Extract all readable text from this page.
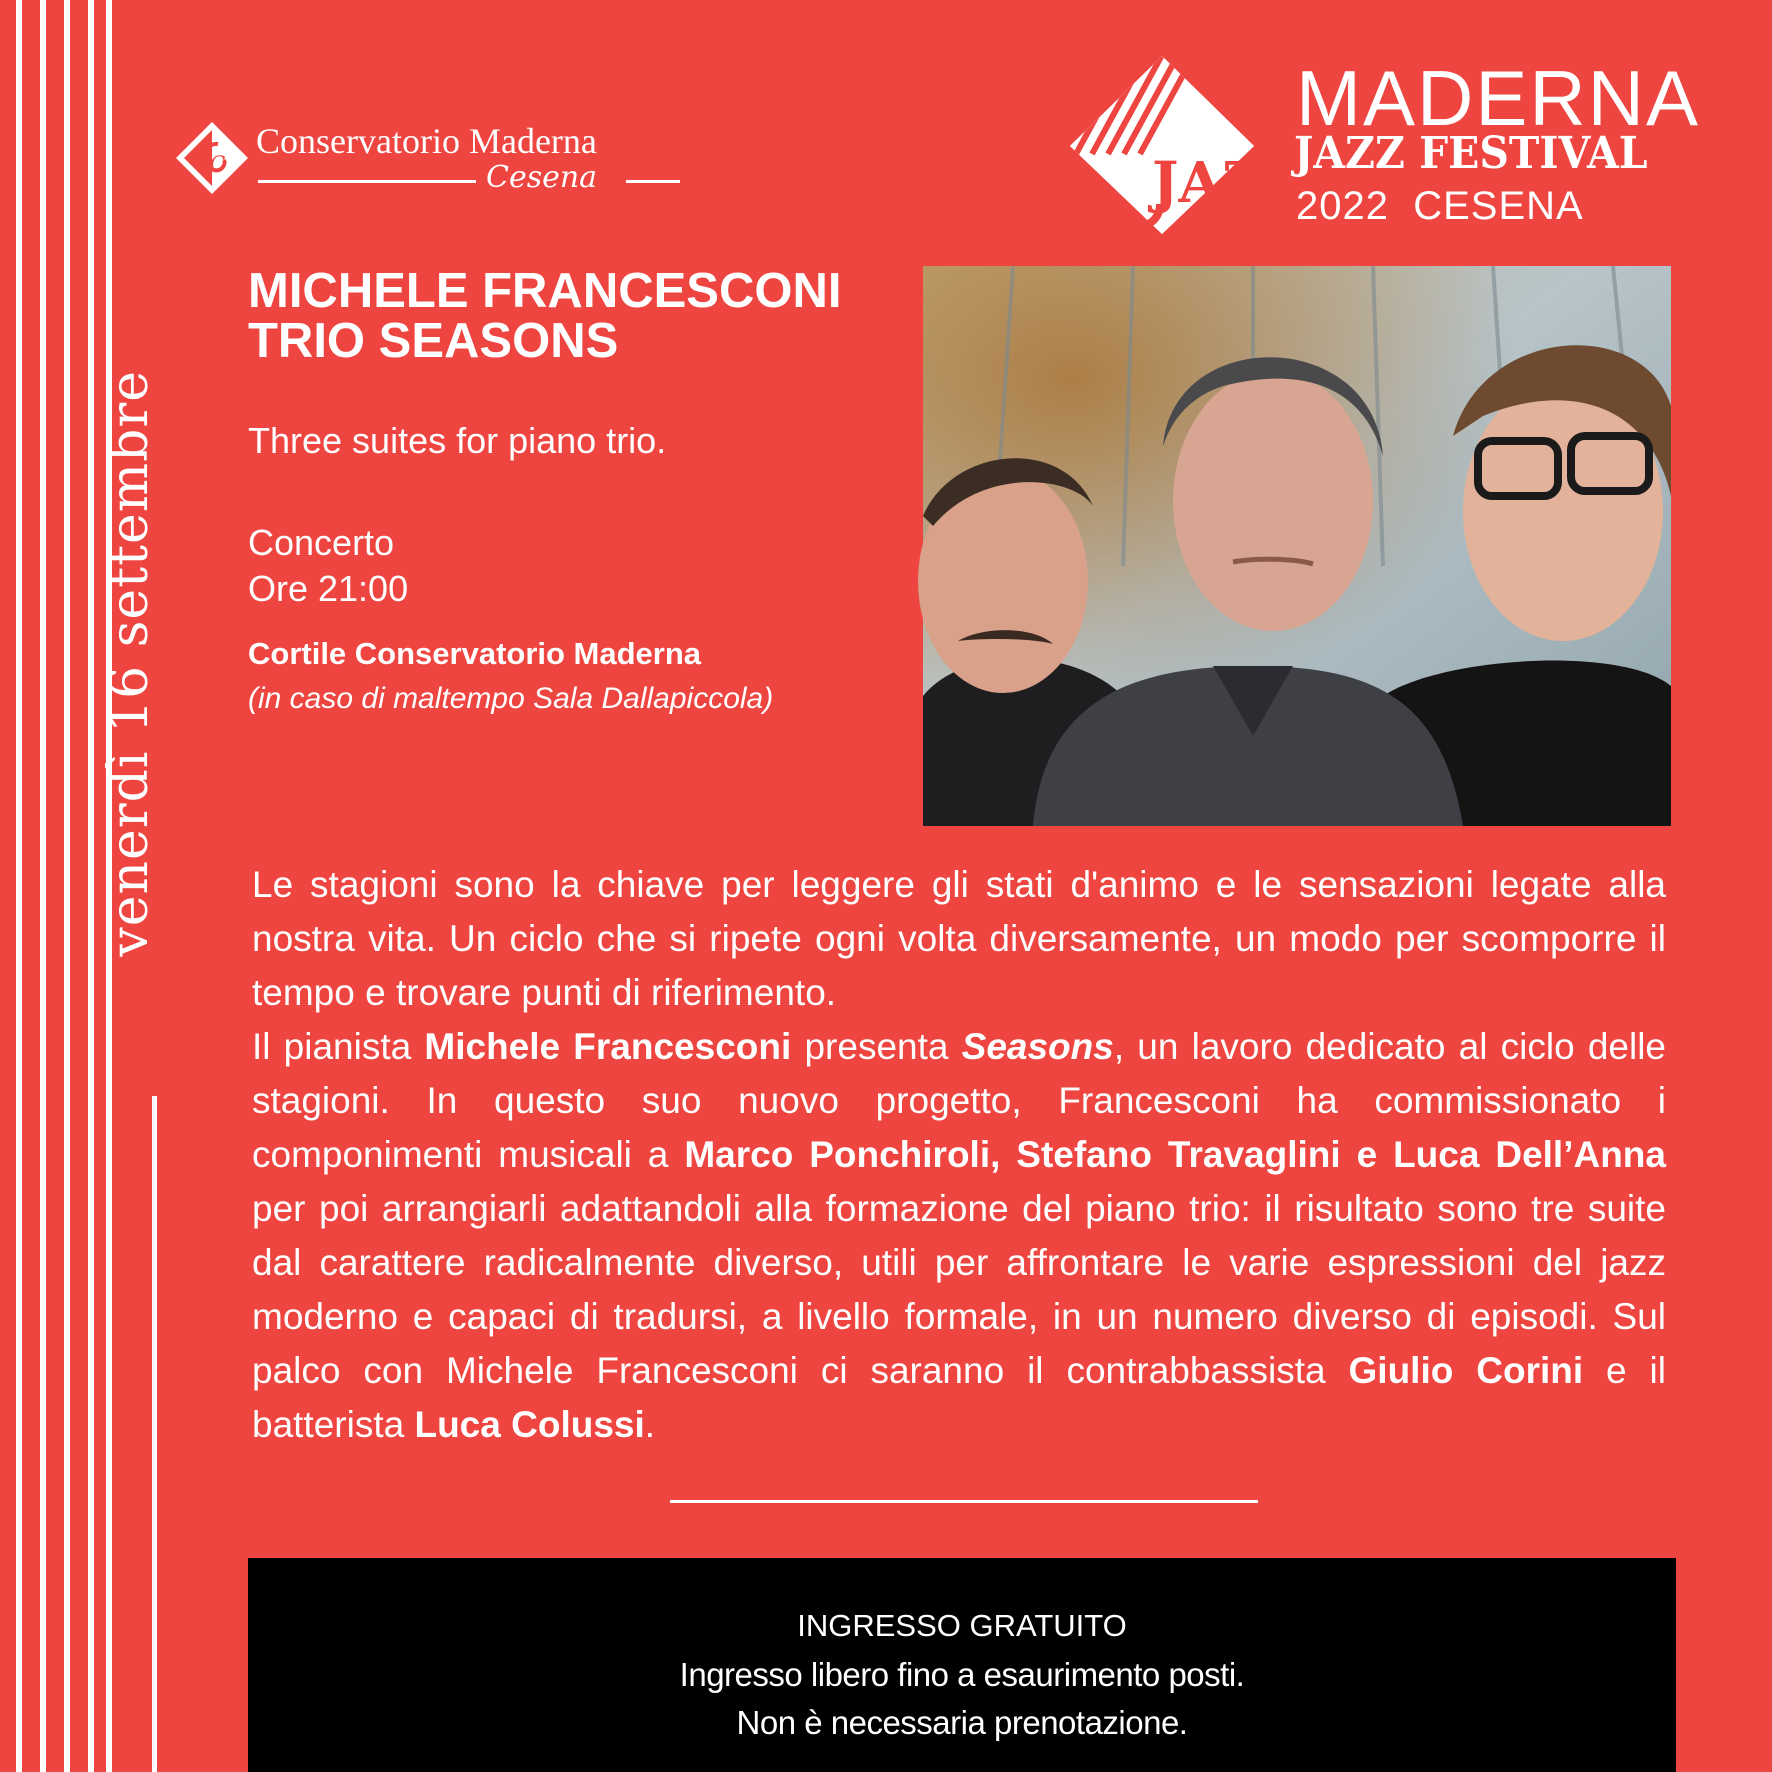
venerdì 16 settembre
C
Conservatorio Maderna
Cesena	JAZZ
MADERNA
JAZZ FESTIVAL
2022  CESENA
MICHELE FRANCESCONI
TRIO SEASONS
Three suites for piano trio.
Concerto
Ore 21:00
Cortile Conservatorio Maderna
(in caso di maltempo Sala Dallapiccola)
Le stagioni sono la chiave per leggere gli stati d'animo e le sensazioni legate alla nostra vita. Un ciclo che si ripete ogni volta diversamente, un modo per scomporre il tempo e trovare punti di riferimento.
Il pianista Michele Francesconi presenta Seasons, un lavoro dedicato al ciclo delle stagioni. In questo suo nuovo progetto, Francesconi ha commissionato i componimenti musicali a Marco Ponchiroli, Stefano Travaglini e Luca Dell’Anna per poi arrangiarli adattandoli alla formazione del piano trio: il risultato sono tre suite dal carattere radicalmente diverso, utili per affrontare le varie espressioni del jazz moderno e capaci di tradursi, a livello formale, in un numero diverso di episodi. Sul palco con Michele Francesconi ci saranno il contrabbassista Giulio Corini e il batterista Luca Colussi.
INGRESSO GRATUITO
Ingresso libero fino a esaurimento posti.
Non è necessaria prenotazione.
